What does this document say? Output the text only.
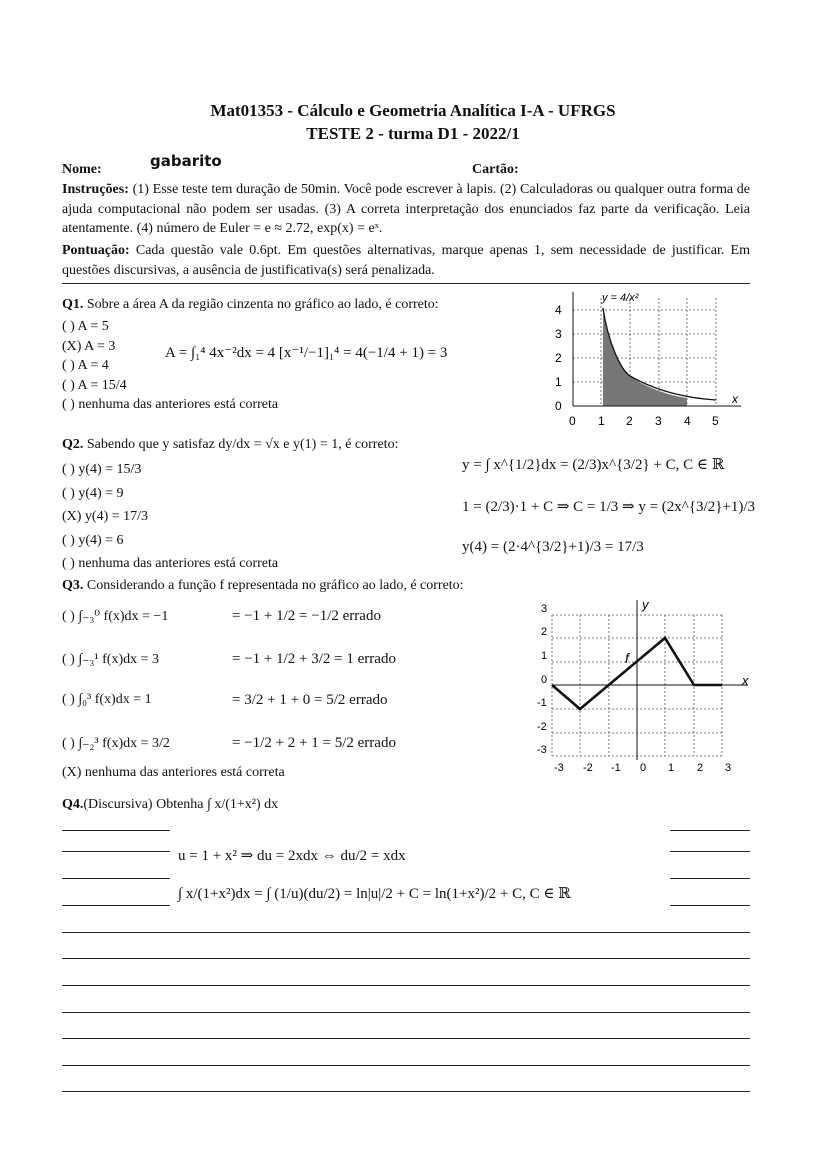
Mat01353 - Cálculo e Geometria Analítica I-A - UFRGS
TESTE 2 - turma D1 - 2022/1
Nome:	gabarito	Cartão:
Instruções: (1) Esse teste tem duração de 50min. Você pode escrever à lapis. (2) Calculadoras ou qualquer outra forma de ajuda computacional não podem ser usadas. (3) A correta interpretação dos enunciados faz parte da verificação. Leia atentamente. (4) número de Euler = e ≈ 2.72, exp(x) = eˣ.
Pontuação: Cada questão vale 0.6pt. Em questões alternativas, marque apenas 1, sem necessidade de justificar. Em questões discursivas, a ausência de justificativa(s) será penalizada.
Q1. Sobre a área A da região cinzenta no gráfico ao lado, é correto:
( ) A = 5
(X) A = 3
( ) A = 4
( ) A = 15/4
( ) nenhuma das anteriores está correta
A = ∫₁⁴ 4x⁻²dx = 4 [x⁻¹/−1]₁⁴ = 4(−1/4 + 1) = 3
x
y = 4/x²
0 1 2 3 4 5
0
1
2
3
4
Q2. Sabendo que y satisfaz dy/dx = √x e y(1) = 1, é correto:
( ) y(4) = 15/3
( ) y(4) = 9
(X) y(4) = 17/3
( ) y(4) = 6
( ) nenhuma das anteriores está correta
y = ∫ x^{1/2}dx = (2/3)x^{3/2} + C, C ∈ ℝ
1 = (2/3)·1 + C ⇒ C = 1/3 ⇒ y = (2x^{3/2}+1)/3
y(4) = (2·4^{3/2}+1)/3 = 17/3
Q3. Considerando a função f representada no gráfico ao lado, é correto:
( ) ∫₋₃⁰ f(x)dx = −1
( ) ∫₋₃¹ f(x)dx = 3
( ) ∫₀³ f(x)dx = 1
( ) ∫₋₂³ f(x)dx = 3/2
(X) nenhuma das anteriores está correta
= −1 + 1/2 = −1/2 errado
= −1 + 1/2 + 3/2 = 1 errado
= 3/2 + 1 + 0 = 5/2 errado
= −1/2 + 2 + 1 = 5/2 errado
x
y
f
-3 -2 -1 0 1 2 3
3
2
1
0
-1
-2
-3
Q4.(Discursiva) Obtenha ∫ x/(1+x²) dx
u = 1 + x² ⇒ du = 2xdx ⇔ du/2 = xdx
∫ x/(1+x²)dx = ∫ (1/u)(du/2) = ln|u|/2 + C = ln(1+x²)/2 + C, C ∈ ℝ
